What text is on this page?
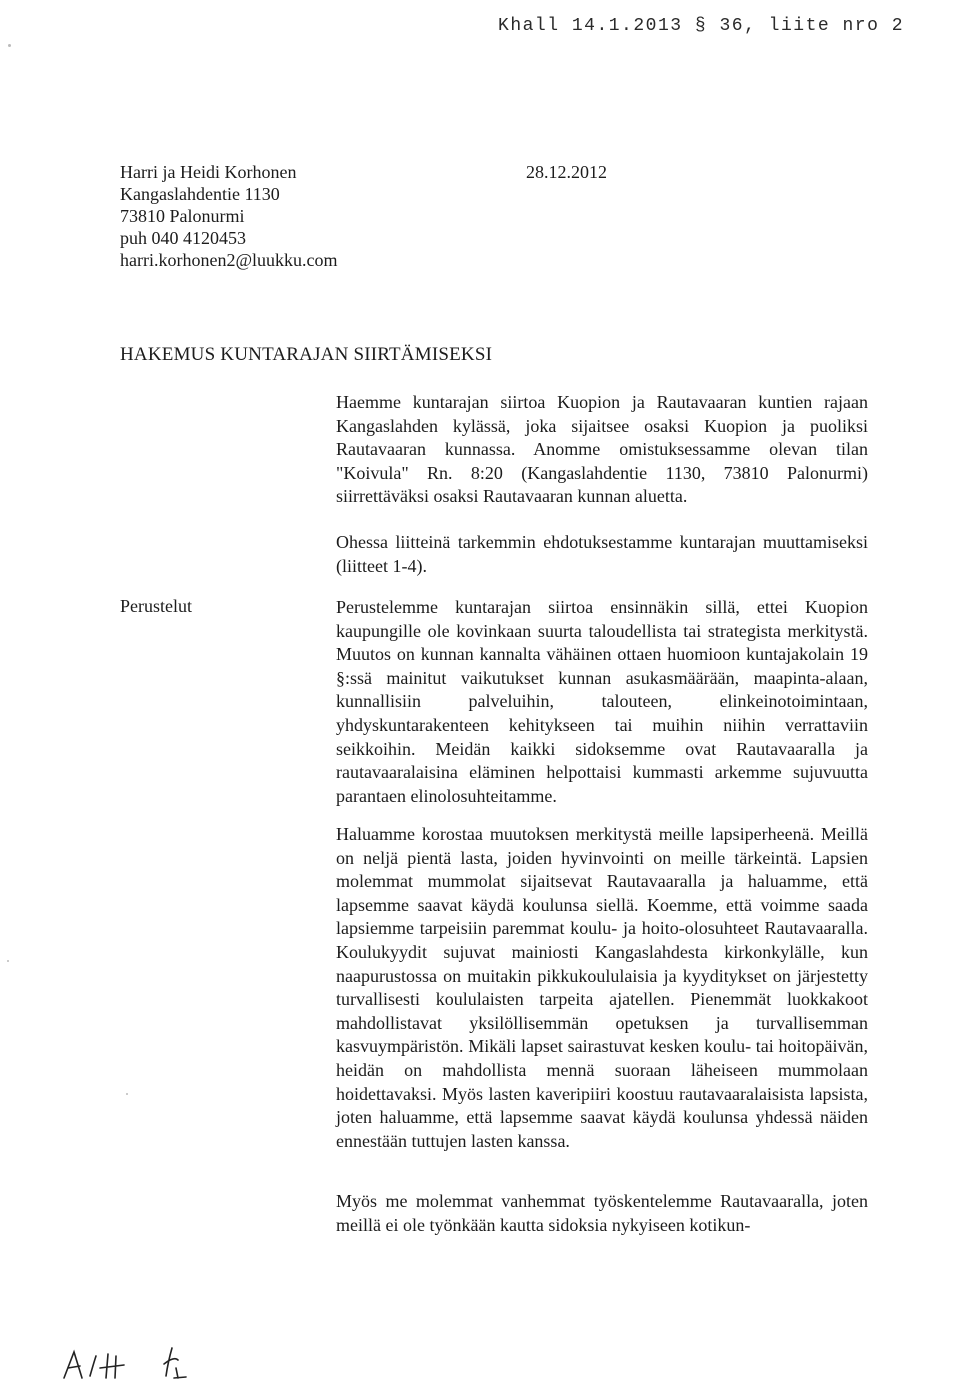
Khall 14.1.2013 § 36, liite nro 2
Harri ja Heidi Korhonen
Kangaslahdentie 1130
73810 Palonurmi
puh 040 4120453
harri.korhonen2@luukku.com
28.12.2012
HAKEMUS KUNTARAJAN SIIRTÄMISEKSI
Haemme kuntarajan siirtoa Kuopion ja Rautavaaran kuntien rajaan Kangaslahden kylässä, joka sijaitsee osaksi Kuopion ja puoliksi Rautavaaran kunnassa. Anomme omistuksessamme olevan tilan "Koivula" Rn. 8:20 (Kangaslahdentie 1130, 73810 Palonurmi) siirrettäväksi osaksi Rautavaaran kunnan aluetta.
Ohessa liitteinä tarkemmin ehdotuksestamme kuntarajan muuttamiseksi (liitteet 1-4).
Perustelut	Perustelemme kuntarajan siirtoa ensinnäkin sillä, ettei Kuopion kaupungille ole kovinkaan suurta taloudellista tai strategista merkitystä. Muutos on kunnan kannalta vähäinen ottaen huomioon kuntajakolain 19 §:ssä mainitut vaikutukset kunnan asukasmäärään, maapinta-alaan, kunnallisiin palveluihin, talouteen, elinkeinotoimintaan, yhdyskuntarakenteen kehitykseen tai muihin niihin verrattaviin seikkoihin. Meidän kaikki sidoksemme ovat Rautavaaralla ja rautavaaralaisina eläminen helpottaisi kummasti arkemme sujuvuutta parantaen elinolosuhteitamme.
Haluamme korostaa muutoksen merkitystä meille lapsiperheenä. Meillä on neljä pientä lasta, joiden hyvinvointi on meille tärkeintä. Lapsien molemmat mummolat sijaitsevat Rautavaaralla ja haluamme, että lapsemme saavat käydä koulunsa siellä. Koemme, että voimme saada lapsiemme tarpeisiin paremmat koulu- ja hoito-olosuhteet Rautavaaralla. Koulukyydit sujuvat mainiosti Kangaslahdesta kirkonkylälle, kun naapurustossa on muitakin pikkukoululaisia ja kyyditykset on järjestetty turvallisesti koululaisten tarpeita ajatellen. Pienemmät luokkakoot mahdollistavat yksilöllisemmän opetuksen ja turvallisemman kasvuympäristön. Mikäli lapset sairastuvat kesken koulu- tai hoitopäivän, heidän on mahdollista mennä suoraan läheiseen mummolaan hoidettavaksi. Myös lasten kaveripiiri koostuu rautavaaralaisista lapsista, joten haluamme, että lapsemme saavat käydä koulunsa yhdessä näiden ennestään tuttujen lasten kanssa.
Myös me molemmat vanhemmat työskentelemme Rautavaaralla, joten meillä ei ole työnkään kautta sidoksia nykyiseen kotikun-
